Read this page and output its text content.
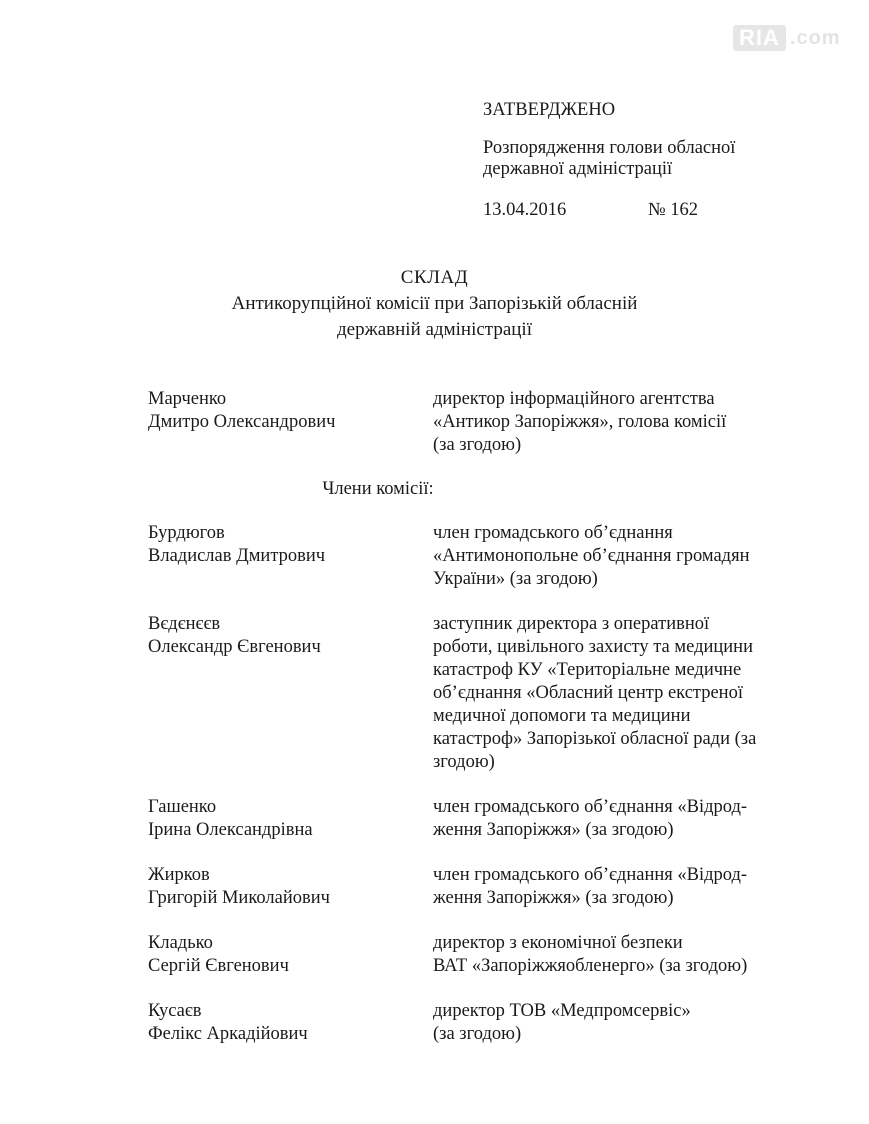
RIA .com
ЗАТВЕРДЖЕНО
Розпорядження голови обласної
державної адміністрації
13.04.2016	№ 162
СКЛАД
Антикорупційної комісії при Запорізькій обласній
державній адміністрації
Марченко
Дмитро Олександрович
директор інформаційного агентства
«Антикор Запоріжжя», голова комісії
(за згодою)
Члени комісії:
Бурдюгов
Владислав Дмитрович
член громадського об’єднання
«Антимонопольне об’єднання громадян
України» (за згодою)
Вєдєнєєв
Олександр Євгенович
заступник директора з оперативної
роботи, цивільного захисту та медицини
катастроф КУ «Територіальне медичне
об’єднання «Обласний центр екстреної
медичної допомоги та медицини
катастроф» Запорізької обласної ради (за
згодою)
Гашенко
Ірина Олександрівна
член громадського об’єднання «Відрод-
ження Запоріжжя» (за згодою)
Жирков
Григорій Миколайович
член громадського об’єднання «Відрод-
ження Запоріжжя» (за згодою)
Кладько
Сергій Євгенович
директор з економічної безпеки
ВАТ «Запоріжжяобленерго» (за згодою)
Кусаєв
Фелікс Аркадійович
директор ТОВ «Медпромсервіс»
(за згодою)
